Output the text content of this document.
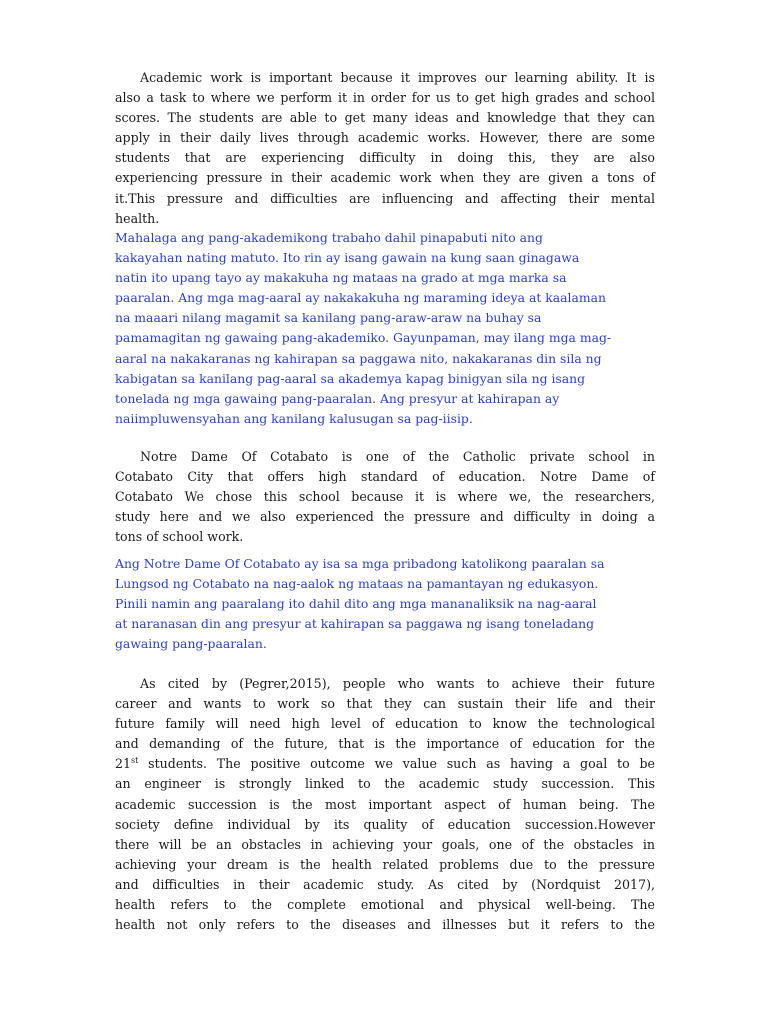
Academic work is important because it improves our learning ability. It is
also a task to where we perform it in order for us to get high grades and school
scores. The students are able to get many ideas and knowledge that they can
apply in their daily lives through academic works. However, there are some
students that are experiencing difficulty in doing this, they are also
experiencing pressure in their academic work when they are given a tons of
it.This pressure and difficulties are influencing and affecting their mental
health.
Mahalaga ang pang-akademikong trabaho dahil pinapabuti nito ang
kakayahan nating matuto. Ito rin ay isang gawain na kung saan ginagawa
natin ito upang tayo ay makakuha ng mataas na grado at mga marka sa
paaralan. Ang mga mag-aaral ay nakakakuha ng maraming ideya at kaalaman
na maaari nilang magamit sa kanilang pang-araw-araw na buhay sa
pamamagitan ng gawaing pang-akademiko. Gayunpaman, may ilang mga mag-
aaral na nakakaranas ng kahirapan sa paggawa nito, nakakaranas din sila ng
kabigatan sa kanilang pag-aaral sa akademya kapag binigyan sila ng isang
tonelada ng mga gawaing pang-paaralan. Ang presyur at kahirapan ay
naiimpluwensyahan ang kanilang kalusugan sa pag-iisip.
Notre Dame Of Cotabato is one of the Catholic private school in
Cotabato City that offers high standard of education. Notre Dame of
Cotabato We chose this school because it is where we, the researchers,
study here and we also experienced the pressure and difficulty in doing a
tons of school work.
Ang Notre Dame Of Cotabato ay isa sa mga pribadong katolikong paaralan sa
Lungsod ng Cotabato na nag-aalok ng mataas na pamantayan ng edukasyon.
Pinili namin ang paaralang ito dahil dito ang mga mananaliksik na nag-aaral
at naranasan din ang presyur at kahirapan sa paggawa ng isang toneladang
gawaing pang-paaralan.
As cited by (Pegrer,2015), people who wants to achieve their future
career and wants to work so that they can sustain their life and their
future family will need high level of education to know the technological
and demanding of the future, that is the importance of education for the
21st students. The positive outcome we value such as having a goal to be
an engineer is strongly linked to the academic study succession. This
academic succession is the most important aspect of human being. The
society define individual by its quality of education succession.However
there will be an obstacles in achieving your goals, one of the obstacles in
achieving your dream is the health related problems due to the pressure
and difficulties in their academic study. As cited by (Nordquist 2017),
health refers to the complete emotional and physical well-being. The
health not only refers to the diseases and illnesses but it refers to the
